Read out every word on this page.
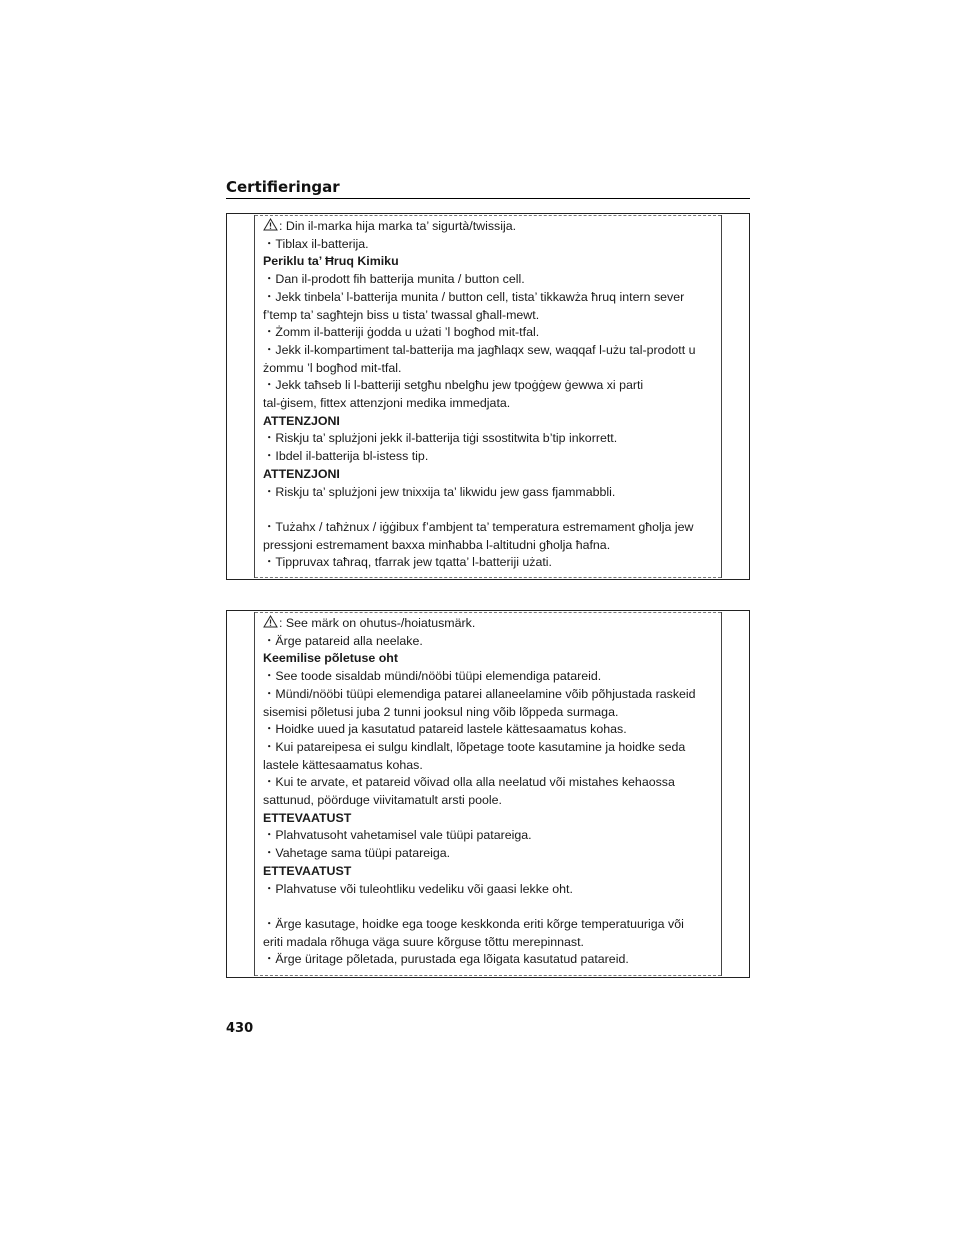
Certifieringar
: Din il-marka hija marka ta’ sigurtà/twissija.
・Tiblax il-batterija.
Periklu ta’ Ħruq Kimiku
・Dan il-prodott fih batterija munita / button cell.
・Jekk tinbela’ l-batterija munita / button cell, tista’ tikkawża ħruq intern sever
f’temp ta’ sagħtejn biss u tista’ twassal għall-mewt.
・Żomm il-batteriji ġodda u użati ’l bogħod mit-tfal.
・Jekk il-kompartiment tal-batterija ma jagħlaqx sew, waqqaf l-użu tal-prodott u
żommu ’l bogħod mit-tfal.
・Jekk taħseb li l-batteriji setgħu nbelgħu jew tpoġġew ġewwa xi parti
tal-ġisem, fittex attenzjoni medika immedjata.
ATTENZJONI
・Riskju ta’ splużjoni jekk il-batterija tiġi ssostitwita b’tip inkorrett.
・Ibdel il-batterija bl-istess tip.
ATTENZJONI
・Riskju ta’ splużjoni jew tnixxija ta’ likwidu jew gass fjammabbli.
・Tużahx / taħżnux / iġġibux f’ambjent ta’ temperatura estremament għolja jew
pressjoni estremament baxxa minħabba l-altitudni għolja ħafna.
・Tippruvax taħraq, tfarrak jew tqatta’ l-batteriji użati.
: See märk on ohutus-/hoiatusmärk.
・Ärge patareid alla neelake.
Keemilise põletuse oht
・See toode sisaldab mündi/nööbi tüüpi elemendiga patareid.
・Mündi/nööbi tüüpi elemendiga patarei allaneelamine võib põhjustada raskeid
sisemisi põletusi juba 2 tunni jooksul ning võib lõppeda surmaga.
・Hoidke uued ja kasutatud patareid lastele kättesaamatus kohas.
・Kui patareipesa ei sulgu kindlalt, lõpetage toote kasutamine ja hoidke seda
lastele kättesaamatus kohas.
・Kui te arvate, et patareid võivad olla alla neelatud või mistahes kehaossa
sattunud, pöörduge viivitamatult arsti poole.
ETTEVAATUST
・Plahvatusoht vahetamisel vale tüüpi patareiga.
・Vahetage sama tüüpi patareiga.
ETTEVAATUST
・Plahvatuse või tuleohtliku vedeliku või gaasi lekke oht.
・Ärge kasutage, hoidke ega tooge keskkonda eriti kõrge temperatuuriga või
eriti madala rõhuga väga suure kõrguse tõttu merepinnast.
・Ärge üritage põletada, purustada ega lõigata kasutatud patareid.
430
